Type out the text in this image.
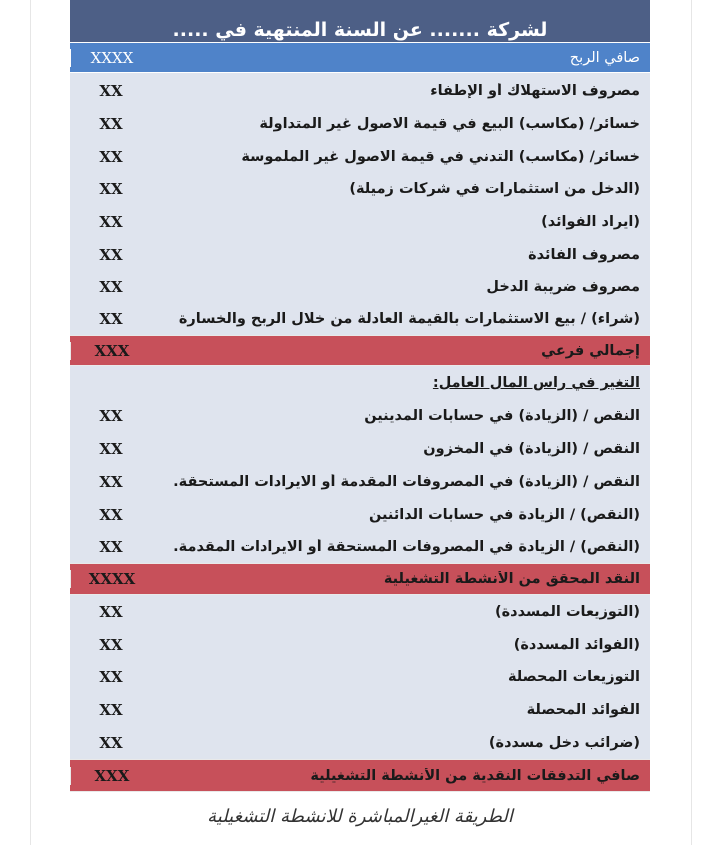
لشركة ....... عن السنة المنتهية في .....
صافي الربح
XXXX
مصروف الاستهلاك أو الإطفاء
XX
خسائر/ (مكاسب) البيع في قيمة الاصول غير المتداولة
XX
خسائر/ (مكاسب) التدني في قيمة الاصول غير الملموسة
XX
(الدخل من استثمارات في شركات زميلة)
XX
(ايراد الفوائد)
XX
مصروف الفائدة
XX
مصروف ضريبة الدخل
XX
(شراء) / بيع الاستثمارات بالقيمة العادلة من خلال الربح والخسارة
XX
إجمالي فرعي
XXX
التغير في راس المال العامل:
النقص / (الزيادة) في حسابات المدينين
XX
النقص / (الزيادة) في المخزون
XX
النقص / (الزيادة) في المصروفات المقدمة أو الايرادات المستحقة.
XX
(النقص) / الزيادة في حسابات الدائنين
XX
(النقص) / الزيادة في المصروفات المستحقة أو الايرادات المقدمة.
XX
النقد المحقق من الأنشطة التشغيلية
XXXX
(التوزيعات المسددة)
XX
(الفوائد المسددة)
XX
التوزيعات المحصلة
XX
الفوائد المحصلة
XX
(ضرائب دخل مسددة)
XX
صافي التدفقات النقدية من الأنشطة التشغيلية
XXX
الطريقة الغيرالمباشرة للانشطة التشغيلية
